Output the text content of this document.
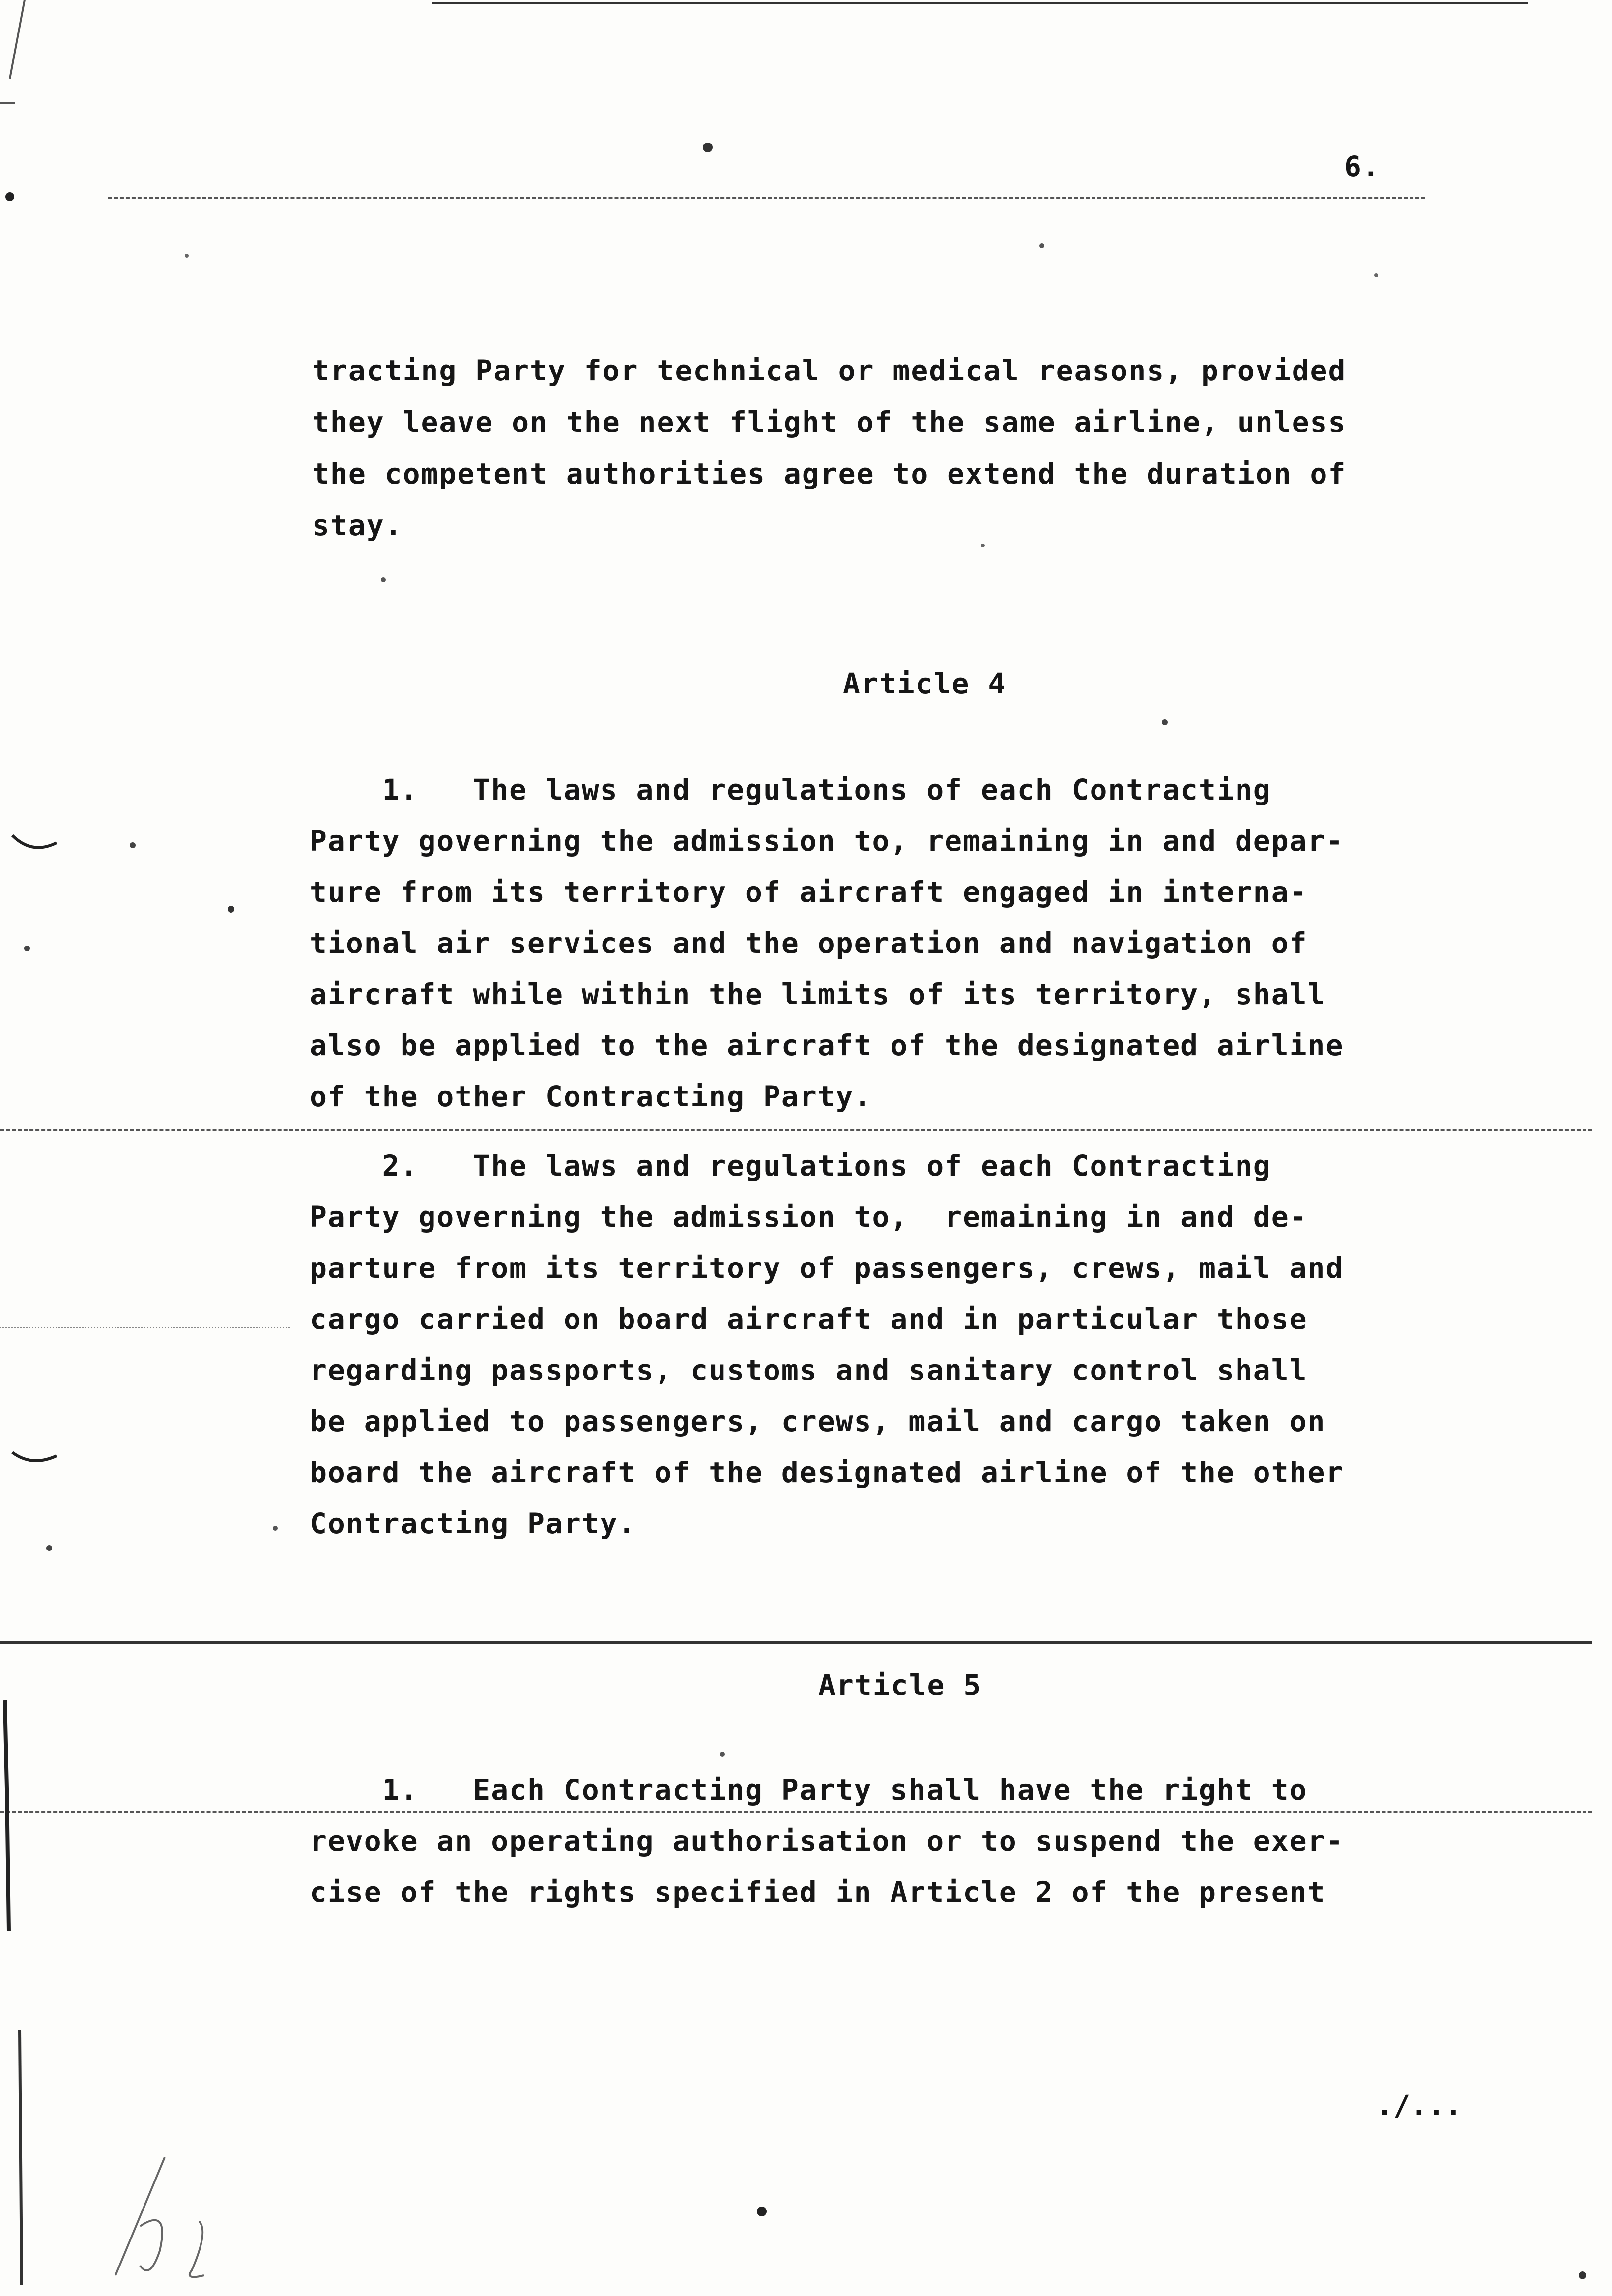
6.
tracting Party for technical or medical reasons, provided
they leave on the next flight of the same airline, unless
the competent authorities agree to extend the duration of
stay.
Article 4
1.   The laws and regulations of each Contracting
Party governing the admission to, remaining in and depar-
ture from its territory of aircraft engaged in interna-
tional air services and the operation and navigation of
aircraft while within the limits of its territory, shall
also be applied to the aircraft of the designated airline
of the other Contracting Party.
2.   The laws and regulations of each Contracting
Party governing the admission to,  remaining in and de-
parture from its territory of passengers, crews, mail and
cargo carried on board aircraft and in particular those
regarding passports, customs and sanitary control shall
be applied to passengers, crews, mail and cargo taken on
board the aircraft of the designated airline of the other
Contracting Party.
Article 5
1.   Each Contracting Party shall have the right to
revoke an operating authorisation or to suspend the exer-
cise of the rights specified in Article 2 of the present
./...
